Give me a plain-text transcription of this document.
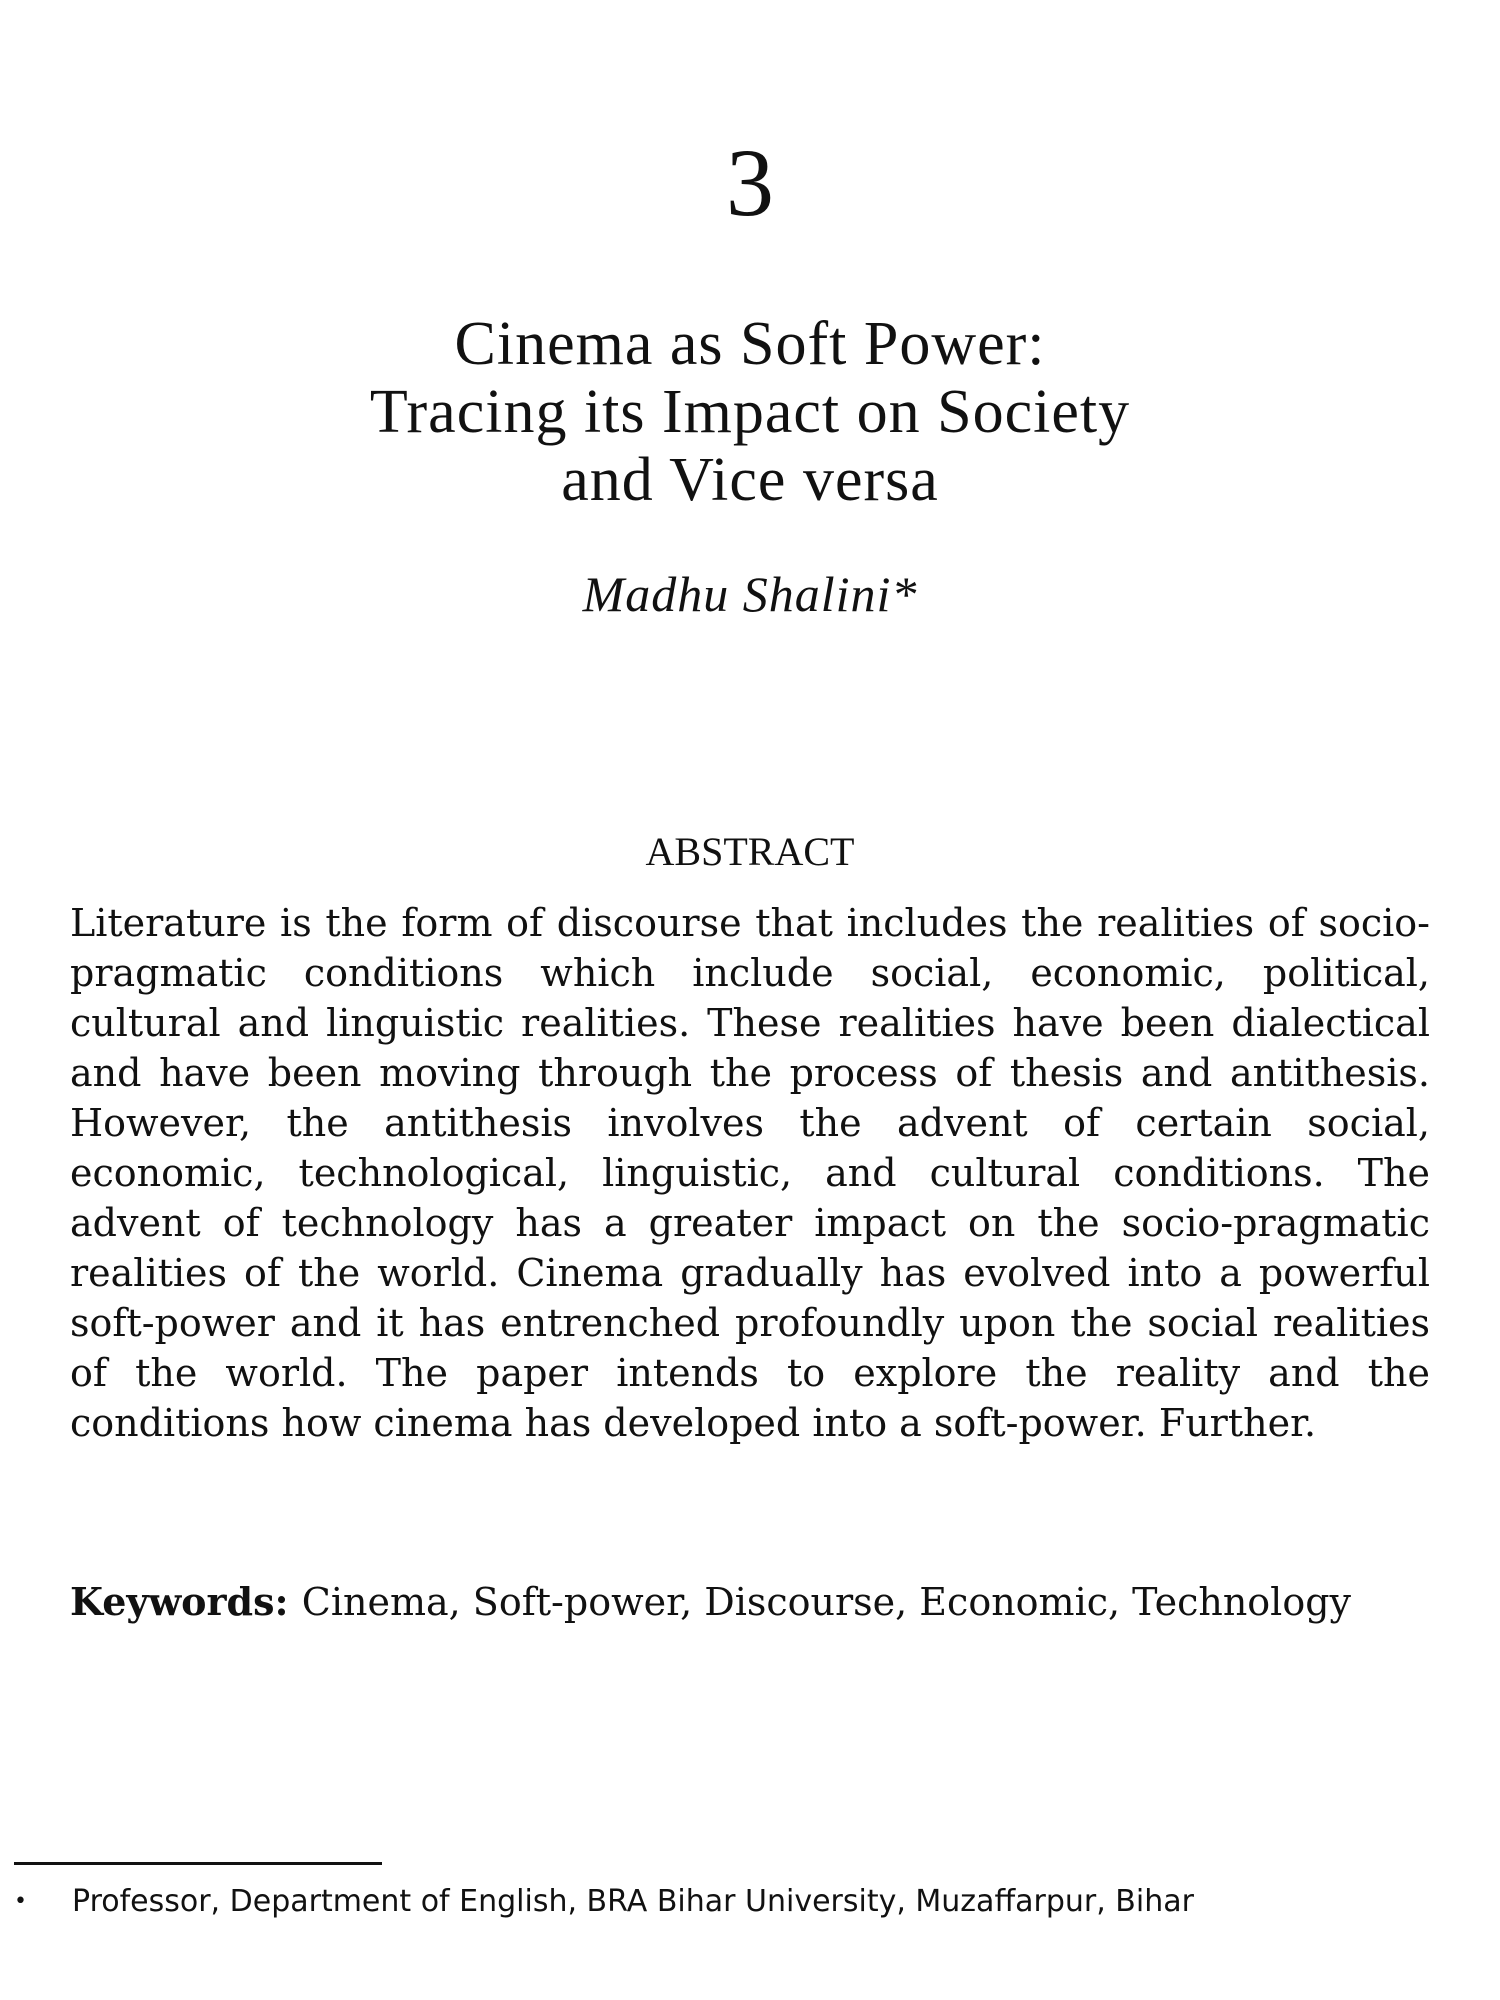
3
Cinema as Soft Power:
Tracing its Impact on Society
and Vice versa
Madhu Shalini*
ABSTRACT

Literature is the form of discourse that includes the realities of socio-pragmatic conditions which include social, economic, political, cultural and linguistic realities. These realities have been dialectical and have been moving through the process of thesis and antithesis. However, the antithesis involves the advent of certain social, economic, technological, linguistic, and cultural conditions. The advent of technology has a greater impact on the socio-pragmatic realities of the world. Cinema gradually has evolved into a powerful soft-power and it has entrenched profoundly upon the social realities of the world. The paper intends to explore the reality and the conditions how cinema has developed into a soft-power. Further.

Keywords: Cinema, Soft-power, Discourse, Economic, Technology

• Professor, Department of English, BRA Bihar University, Muzaffarpur, Bihar
